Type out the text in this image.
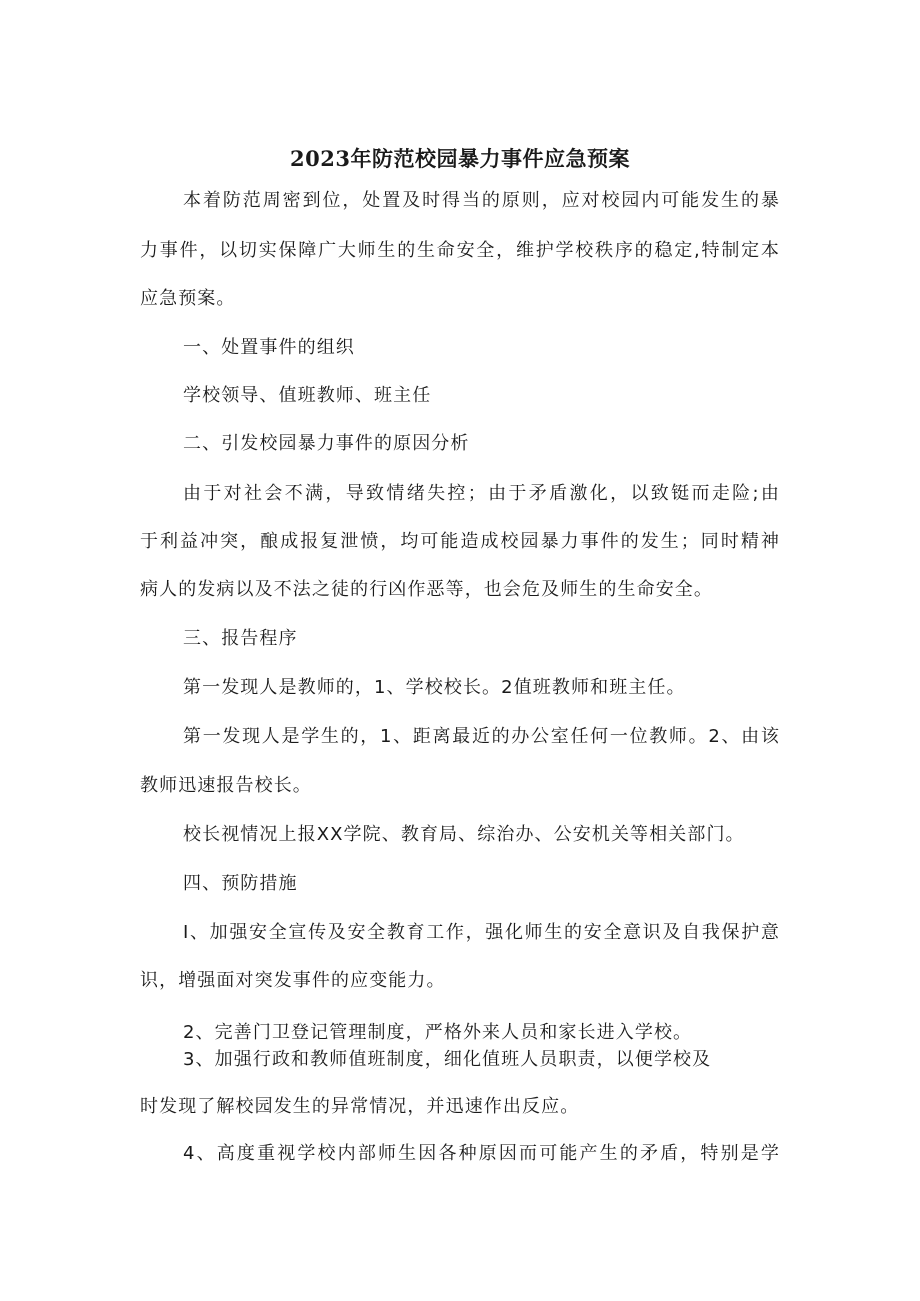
2023年防范校园暴力事件应急预案
本着防范周密到位，处置及时得当的原则，应对校园内可能发生的暴
力事件，以切实保障广大师生的生命安全，维护学校秩序的稳定,特制定本
应急预案。
一、处置事件的组织
学校领导、值班教师、班主任
二、引发校园暴力事件的原因分析
由于对社会不满，导致情绪失控；由于矛盾激化，以致铤而走险;由
于利益冲突，酿成报复泄愤，均可能造成校园暴力事件的发生；同时精神
病人的发病以及不法之徒的行凶作恶等，也会危及师生的生命安全。
三、报告程序
第一发现人是教师的，1、学校校长。2值班教师和班主任。
第一发现人是学生的，1、距离最近的办公室任何一位教师。2、由该
教师迅速报告校长。
校长视情况上报XX学院、教育局、综治办、公安机关等相关部门。
四、预防措施
I、加强安全宣传及安全教育工作，强化师生的安全意识及自我保护意
识，增强面对突发事件的应变能力。
2、完善门卫登记管理制度，严格外来人员和家长进入学校。
3、加强行政和教师值班制度，细化值班人员职责，以便学校及
时发现了解校园发生的异常情况，并迅速作出反应。
4、高度重视学校内部师生因各种原因而可能产生的矛盾，特别是学
